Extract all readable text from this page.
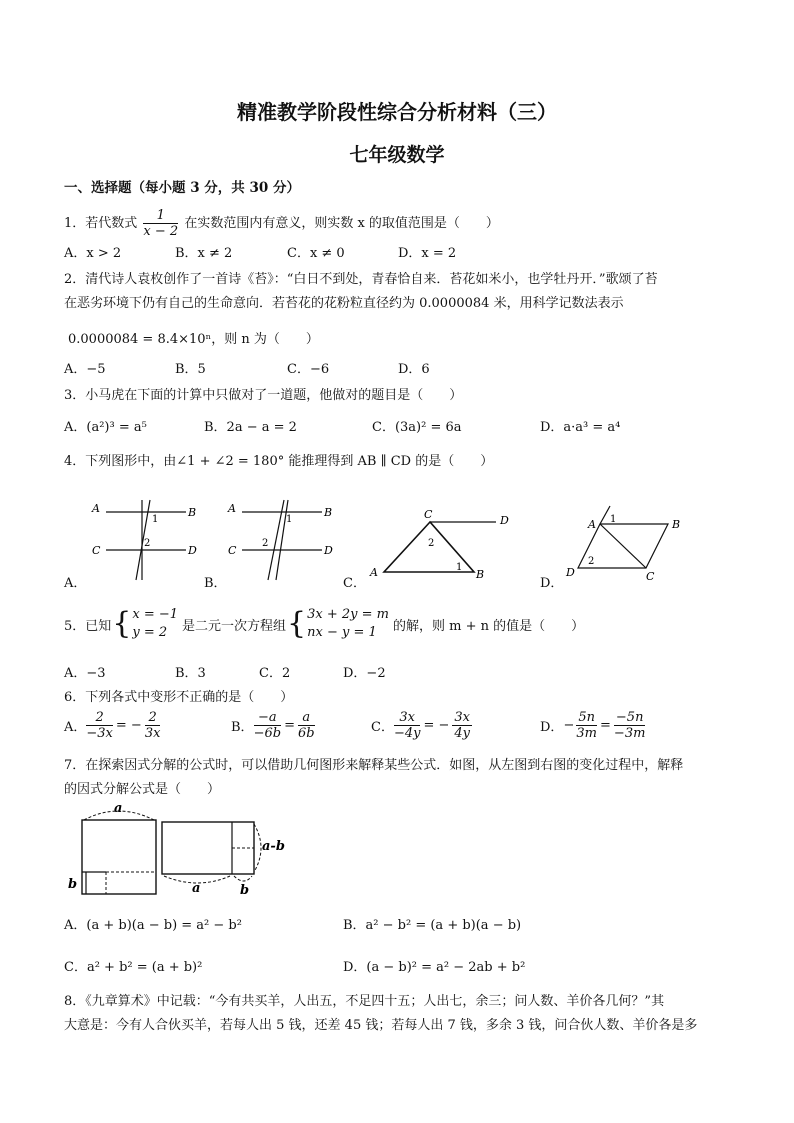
精准教学阶段性综合分析材料（三）
七年级数学
一、选择题（每小题 3 分，共 30 分）
1．若代数式 $\frac{1}{x - 2}$ 在实数范围内有意义，则实数 x 的取值范围是（　　）
A．x > 2	B．x ≠ 2	C．x ≠ 0	D．x = 2
2．清代诗人袁枚创作了一首诗《苔》：“白日不到处，青春恰自来．苔花如米小，也学牡丹开．”歌颂了苔
在恶劣环境下仍有自己的生命意向．若苔花的花粉粒直径约为 0.0000084 米，用科学记数法表示
0.0000084 = 8.4×10ⁿ，则 n 为（　　）
A．−5	B．5	C．−6	D．6
3．小马虎在下面的计算中只做对了一道题，他做对的题目是（　　）
A．(a²)³ = a⁵	B．2a − a = 2	C．(3a)² = 6a	D．a·a³ = a⁴
4．下列图形中，由∠1 + ∠2 = 180° 能推理得到 AB ∥ CD 的是（　　）
A	B
C	D
1
2
A．
A	B
C	D
1
2
B．
C	D
A	B
2
1
C．
A	B
D	C
1
2
D．
5．已知 { x = −1
y = 2	是二元一次方程组 { 3x + 2y = m
nx − y = 1	的解，则 m + n 的值是（　　）
A．−3	B．3	C．2	D．−2
6．下列各式中变形不正确的是（　　）
A． $\frac{2}{-3x}$ = − $\frac{2}{3x}$	B． $\frac{-a}{-6b} = \frac{a}{6b}$	C． $\frac{3x}{-4y}$ = − $\frac{3x}{4y}$	D． − $\frac{5n}{3m} = \frac{-5n}{-3m}$
7．在探索因式分解的公式时，可以借助几何图形来解释某些公式．如图，从左图到右图的变化过程中，解释
的因式分解公式是（　　）
a
b
a-b
a	b
A．(a + b)(a − b) = a² − b²	B．a² − b² = (a + b)(a − b)
C．a² + b² = (a + b)²	D．(a − b)² = a² − 2ab + b²
8．《九章算术》中记载：“今有共买羊，人出五，不足四十五；人出七，余三；问人数、羊价各几何？”其
大意是：今有人合伙买羊，若每人出 5 钱，还差 45 钱；若每人出 7 钱，多余 3 钱，问合伙人数、羊价各是多
